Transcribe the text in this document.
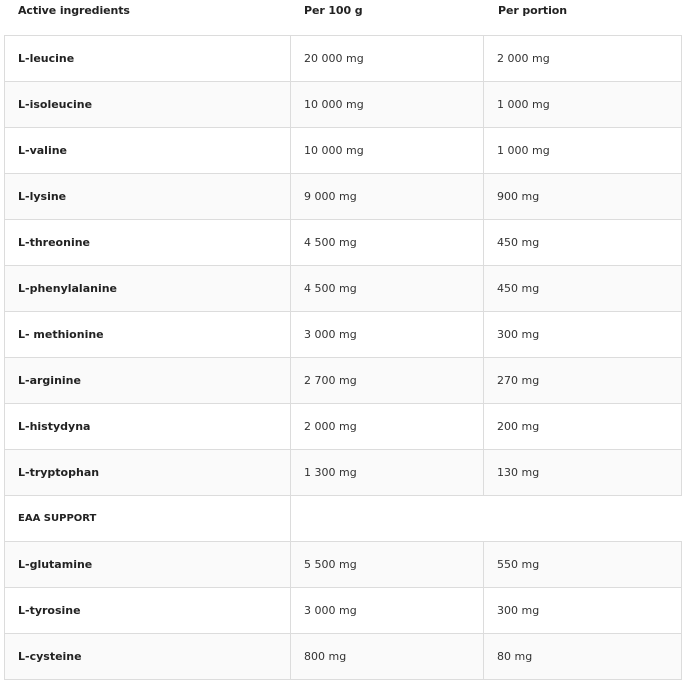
Active ingredients	Per 100 g	Per portion
L-leucine	20 000 mg	2 000 mg
L-isoleucine	10 000 mg	1 000 mg
L-valine	10 000 mg	1 000 mg
L-lysine	9 000 mg	900 mg
L-threonine	4 500 mg	450 mg
L-phenylalanine	4 500 mg	450 mg
L- methionine	3 000 mg	300 mg
L-arginine	2 700 mg	270 mg
L-histydyna	2 000 mg	200 mg
L-tryptophan	1 300 mg	130 mg
EAA SUPPORT		
L-glutamine	5 500 mg	550 mg
L-tyrosine	3 000 mg	300 mg
L-cysteine	800 mg	80 mg
